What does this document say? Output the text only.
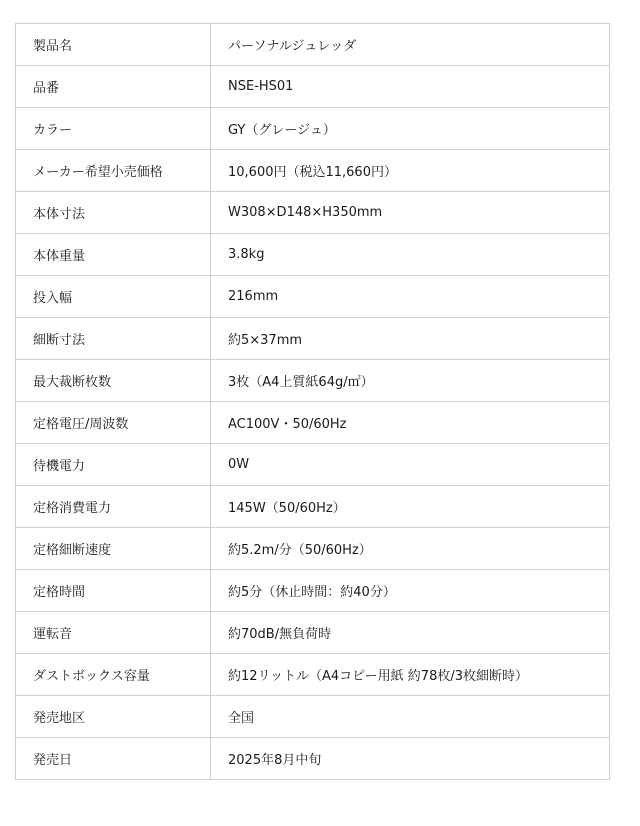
製品名	パーソナルジュレッダ
品番	NSE-HS01
カラー	GY（グレージュ）
メーカー希望小売価格	10,600円（税込11,660円）
本体寸法	W308×D148×H350mm
本体重量	3.8kg
投入幅	216mm
細断寸法	約5×37mm
最大裁断枚数	3枚（A4上質紙64g/㎡）
定格電圧/周波数	AC100V・50/60Hz
待機電力	0W
定格消費電力	145W（50/60Hz）
定格細断速度	約5.2m/分（50/60Hz）
定格時間	約5分（休止時間：約40分）
運転音	約70dB/無負荷時
ダストボックス容量	約12リットル（A4コピー用紙 約78枚/3枚細断時）
発売地区	全国
発売日	2025年8月中旬
